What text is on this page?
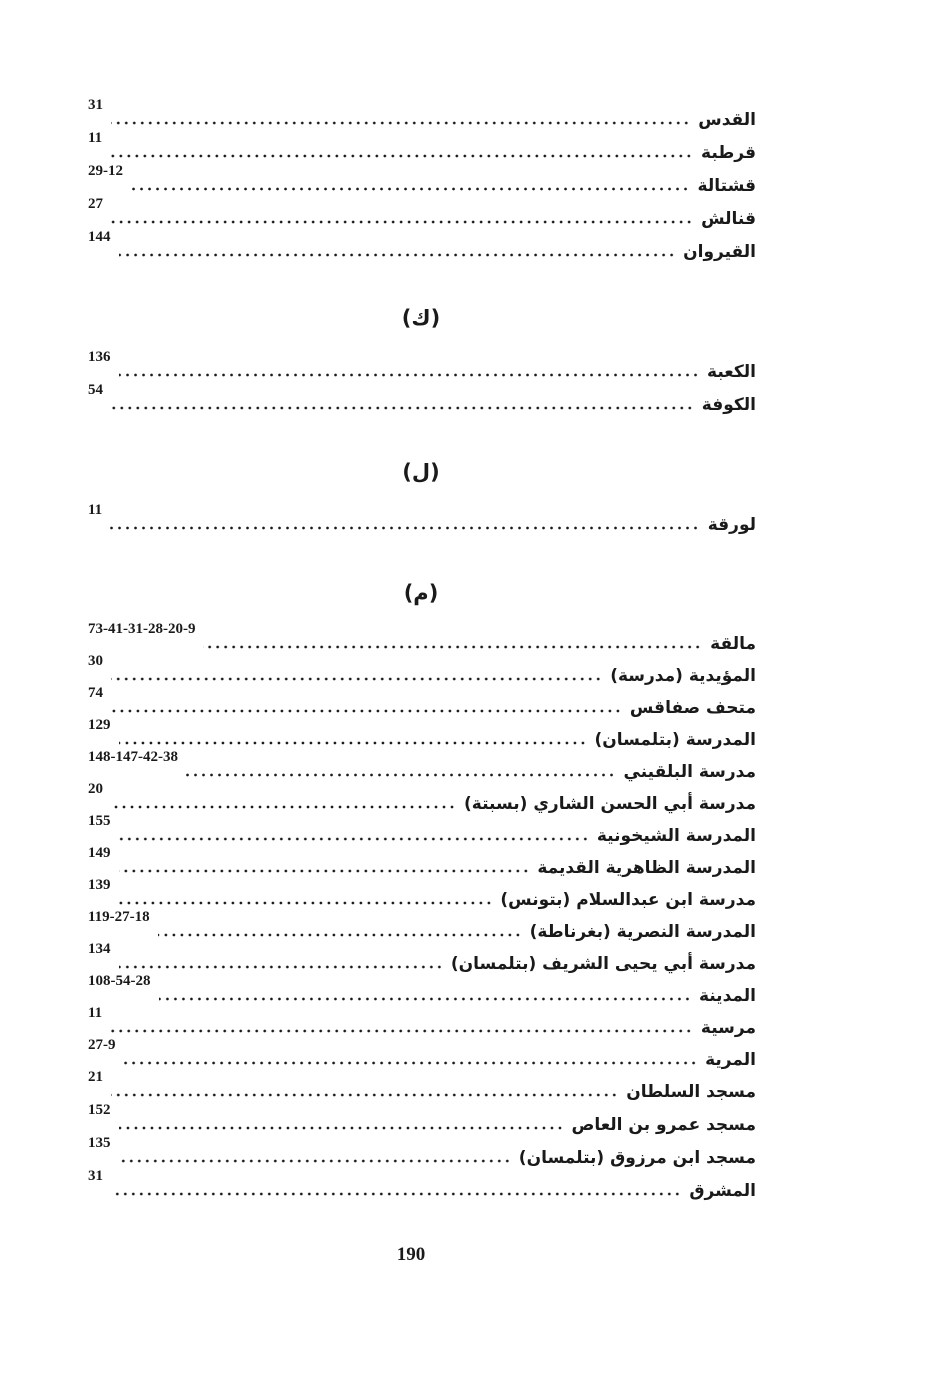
31
القدس
11
قرطبة
29-12
قشتالة
27
قنالش
144
القيروان
(ك)
136
الكعبة
54
الكوفة
(ل)
11
لورقة
(م)
73-41-31-28-20-9
مالقة
30
المؤيدية (مدرسة)
74
متحف صفاقس
129
المدرسة (بتلمسان)
148-147-42-38
مدرسة البلقيني
20
مدرسة أبي الحسن الشاري (بسبتة)
155
المدرسة الشيخونية
149
المدرسة الظاهرية القديمة
139
مدرسة ابن عبدالسلام (بتونس)
119-27-18
المدرسة النصرية (بغرناطة)
134
مدرسة أبي يحيى الشريف (بتلمسان)
108-54-28
المدينة
11
مرسية
27-9
المرية
21
مسجد السلطان
152
مسجد عمرو بن العاص
135
مسجد ابن مرزوق (بتلمسان)
31
المشرق
190
